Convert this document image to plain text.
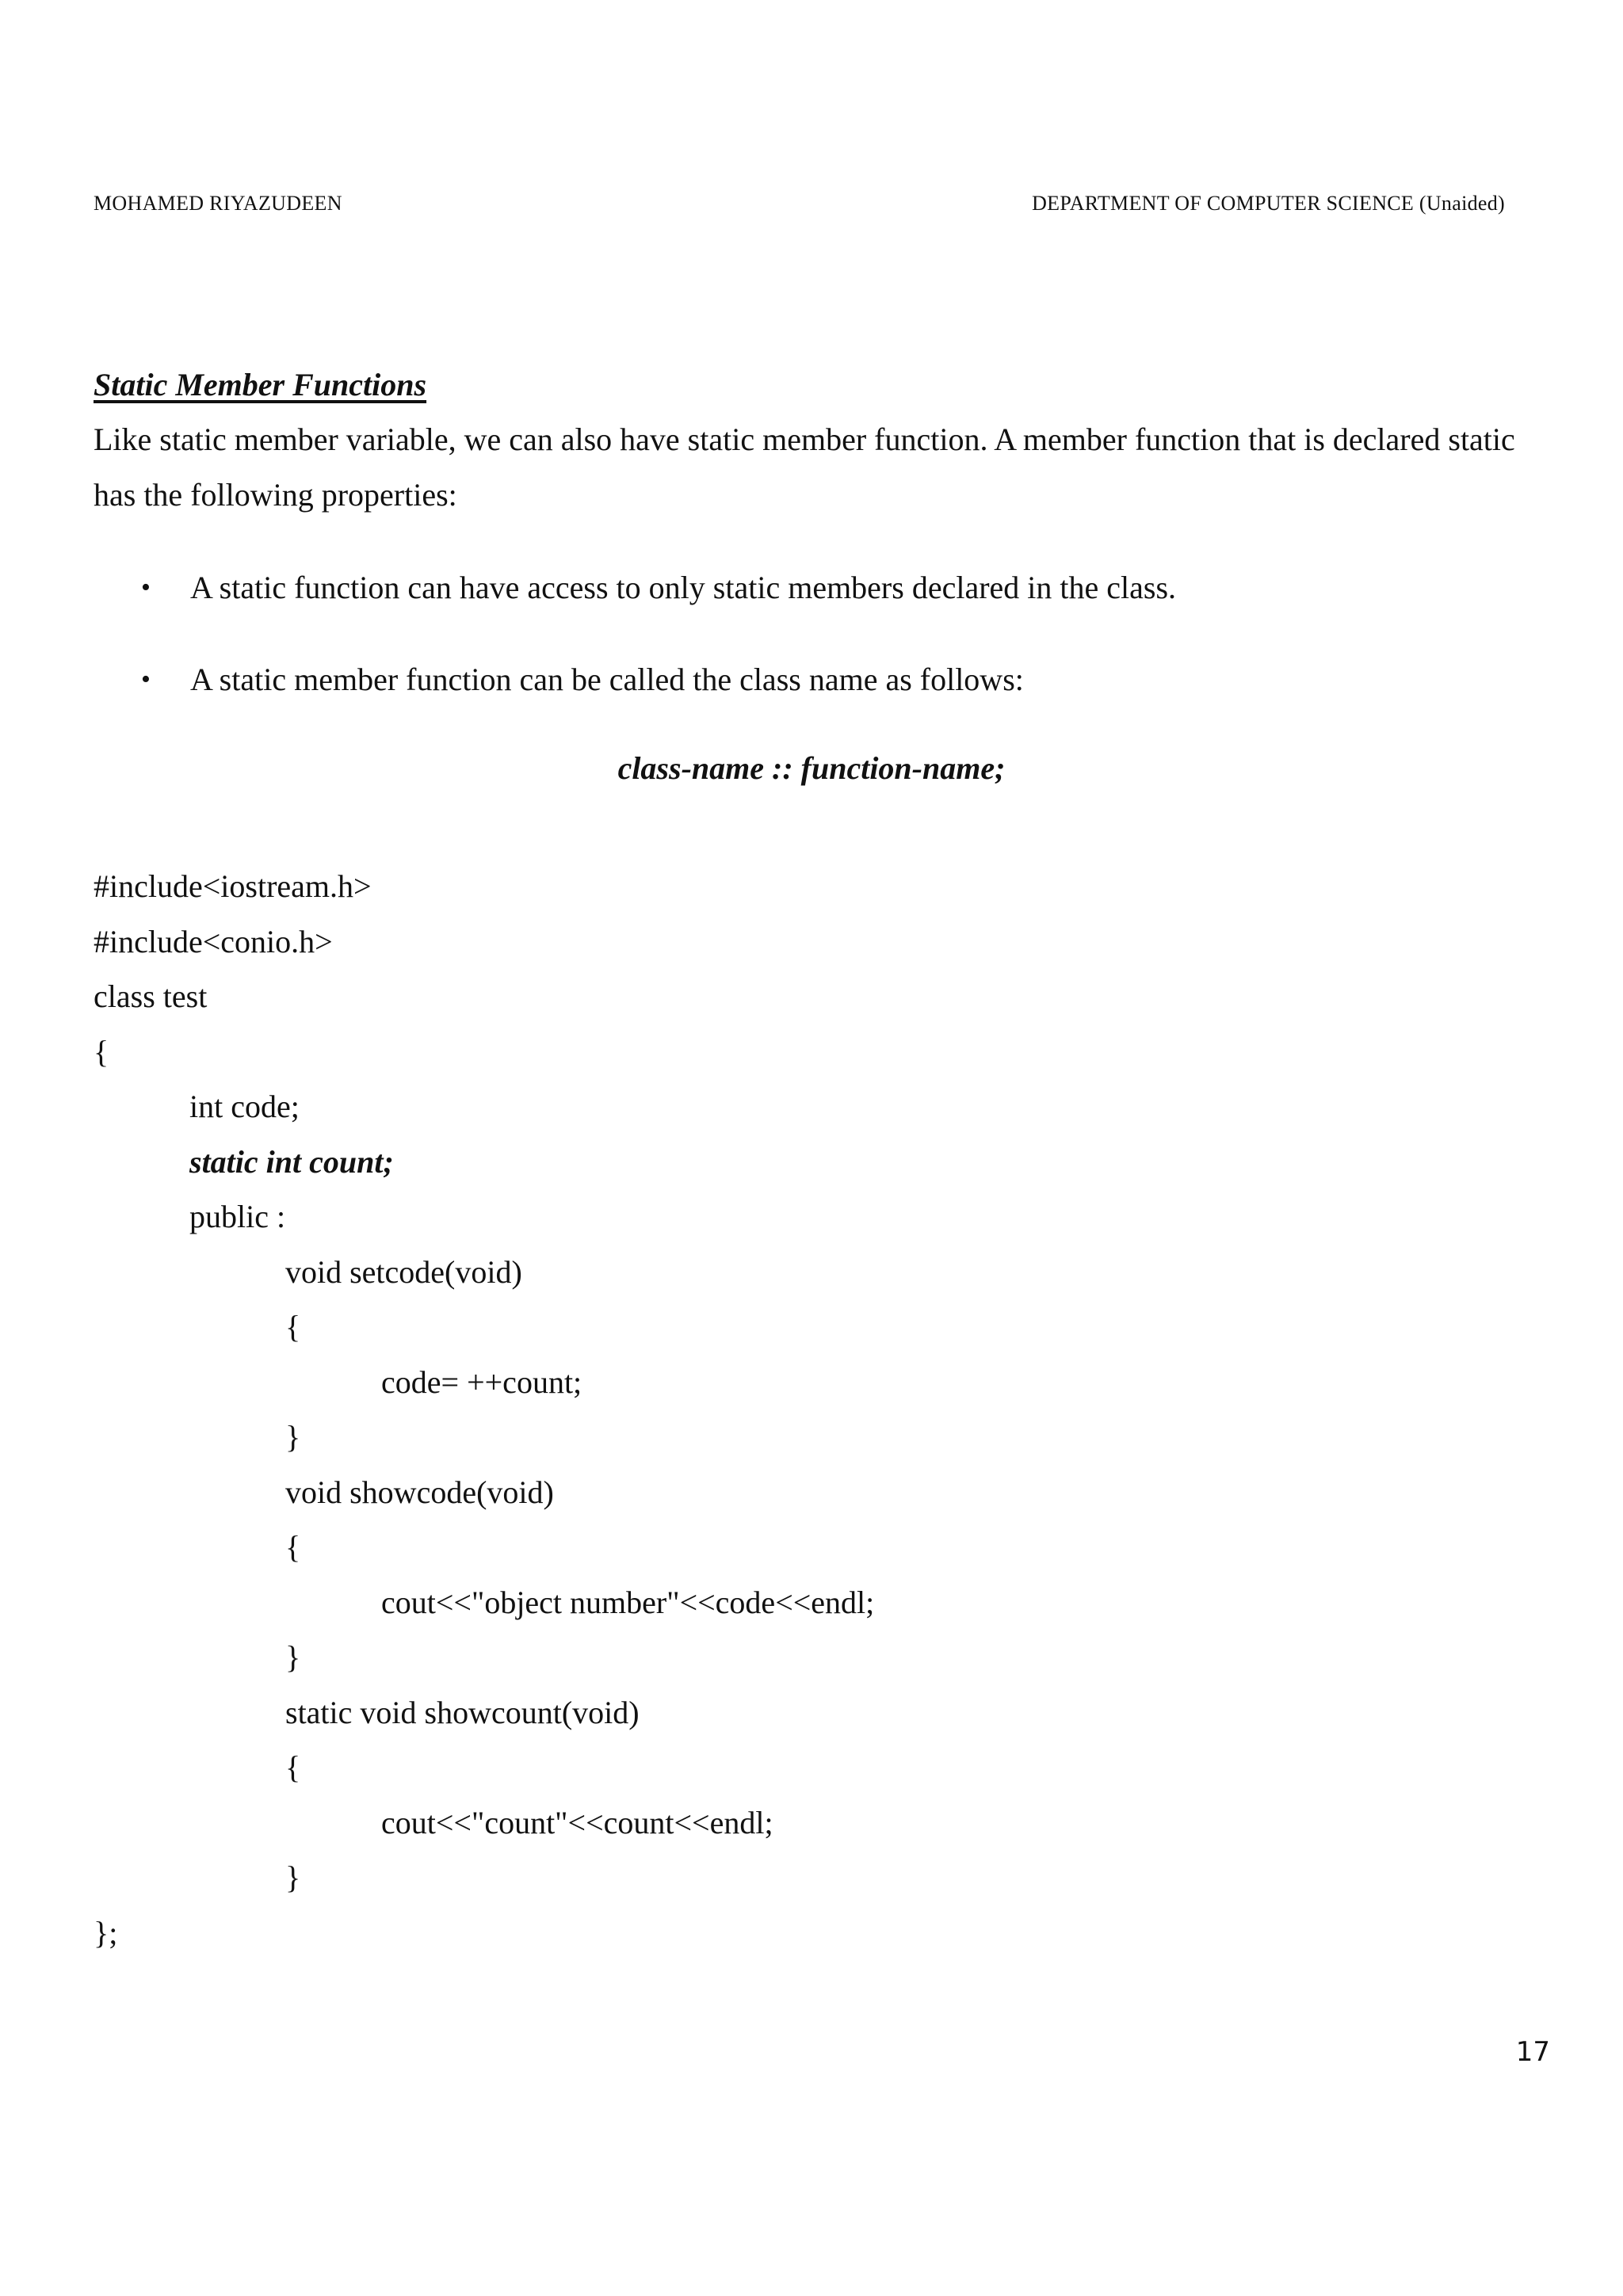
MOHAMED RIYAZUDEEN	DEPARTMENT OF COMPUTER SCIENCE (Unaided)
Static Member Functions

Like static member variable, we can also have static member function. A member function that is declared static has the following properties:

• A static function can have access to only static members declared in the class.
• A static member function can be called the class name as follows:
class-name :: function-name;
#include<iostream.h>
#include<conio.h>
class test
{
int code;
static int count;
public :
void setcode(void)
{
code= ++count;
}
void showcode(void)
{
cout<<"object number"<<code<<endl;
}
static void showcount(void)
{
cout<<"count"<<count<<endl;
}
};
17
